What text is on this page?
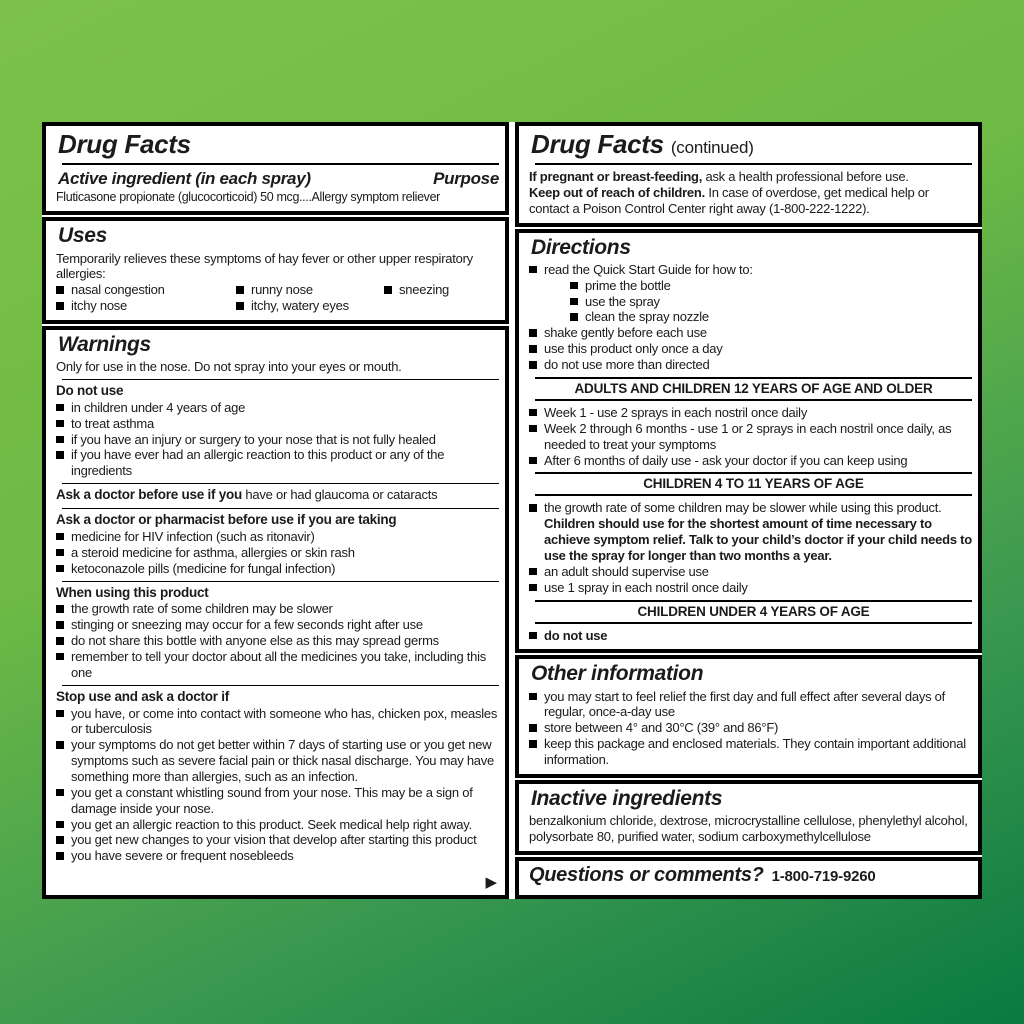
Drug Facts
Active ingredient (in each spray)	Purpose
Fluticasone propionate (glucocorticoid) 50 mcg....Allergy symptom reliever
Uses
Temporarily relieves these symptoms of hay fever or other upper respiratory allergies:
nasal congestion	runny nose	sneezing
itchy nose	itchy, watery eyes
Warnings
Only for use in the nose. Do not spray into your eyes or mouth.
Do not use
in children under 4 years of age
to treat asthma
if you have an injury or surgery to your nose that is not fully healed
if you have ever had an allergic reaction to this product or any of the ingredients
Ask a doctor before use if you have or had glaucoma or cataracts
Ask a doctor or pharmacist before use if you are taking
medicine for HIV infection (such as ritonavir)
a steroid medicine for asthma, allergies or skin rash
ketoconazole pills (medicine for fungal infection)
When using this product
the growth rate of some children may be slower
stinging or sneezing may occur for a few seconds right after use
do not share this bottle with anyone else as this may spread germs
remember to tell your doctor about all the medicines you take, including this one
Stop use and ask a doctor if
you have, or come into contact with someone who has, chicken pox, measles or tuberculosis
your symptoms do not get better within 7 days of starting use or you get new symptoms such as severe facial pain or thick nasal discharge. You may have something more than allergies, such as an infection.
you get a constant whistling sound from your nose. This may be a sign of damage inside your nose.
you get an allergic reaction to this product. Seek medical help right away.
you get new changes to your vision that develop after starting this product
you have severe or frequent nosebleeds
▶
Drug Facts (continued)
If pregnant or breast-feeding, ask a health professional before use.
Keep out of reach of children. In case of overdose, get medical help or contact a Poison Control Center right away (1-800-222-1222).
Directions
read the Quick Start Guide for how to:
prime the bottle
use the spray
clean the spray nozzle
shake gently before each use
use this product only once a day
do not use more than directed
ADULTS AND CHILDREN 12 YEARS OF AGE AND OLDER
Week 1 - use 2 sprays in each nostril once daily
Week 2 through 6 months - use 1 or 2 sprays in each nostril once daily, as needed to treat your symptoms
After 6 months of daily use - ask your doctor if you can keep using
CHILDREN 4 TO 11 YEARS OF AGE
the growth rate of some children may be slower while using this product. Children should use for the shortest amount of time necessary to achieve symptom relief. Talk to your child’s doctor if your child needs to use the spray for longer than two months a year.
an adult should supervise use
use 1 spray in each nostril once daily
CHILDREN UNDER 4 YEARS OF AGE
do not use
Other information
you may start to feel relief the first day and full effect after several days of regular, once-a-day use
store between 4° and 30°C (39° and 86°F)
keep this package and enclosed materials. They contain important additional information.
Inactive ingredients
benzalkonium chloride, dextrose, microcrystalline cellulose, phenylethyl alcohol, polysorbate 80, purified water, sodium carboxymethylcellulose
Questions or comments? 1-800-719-9260
